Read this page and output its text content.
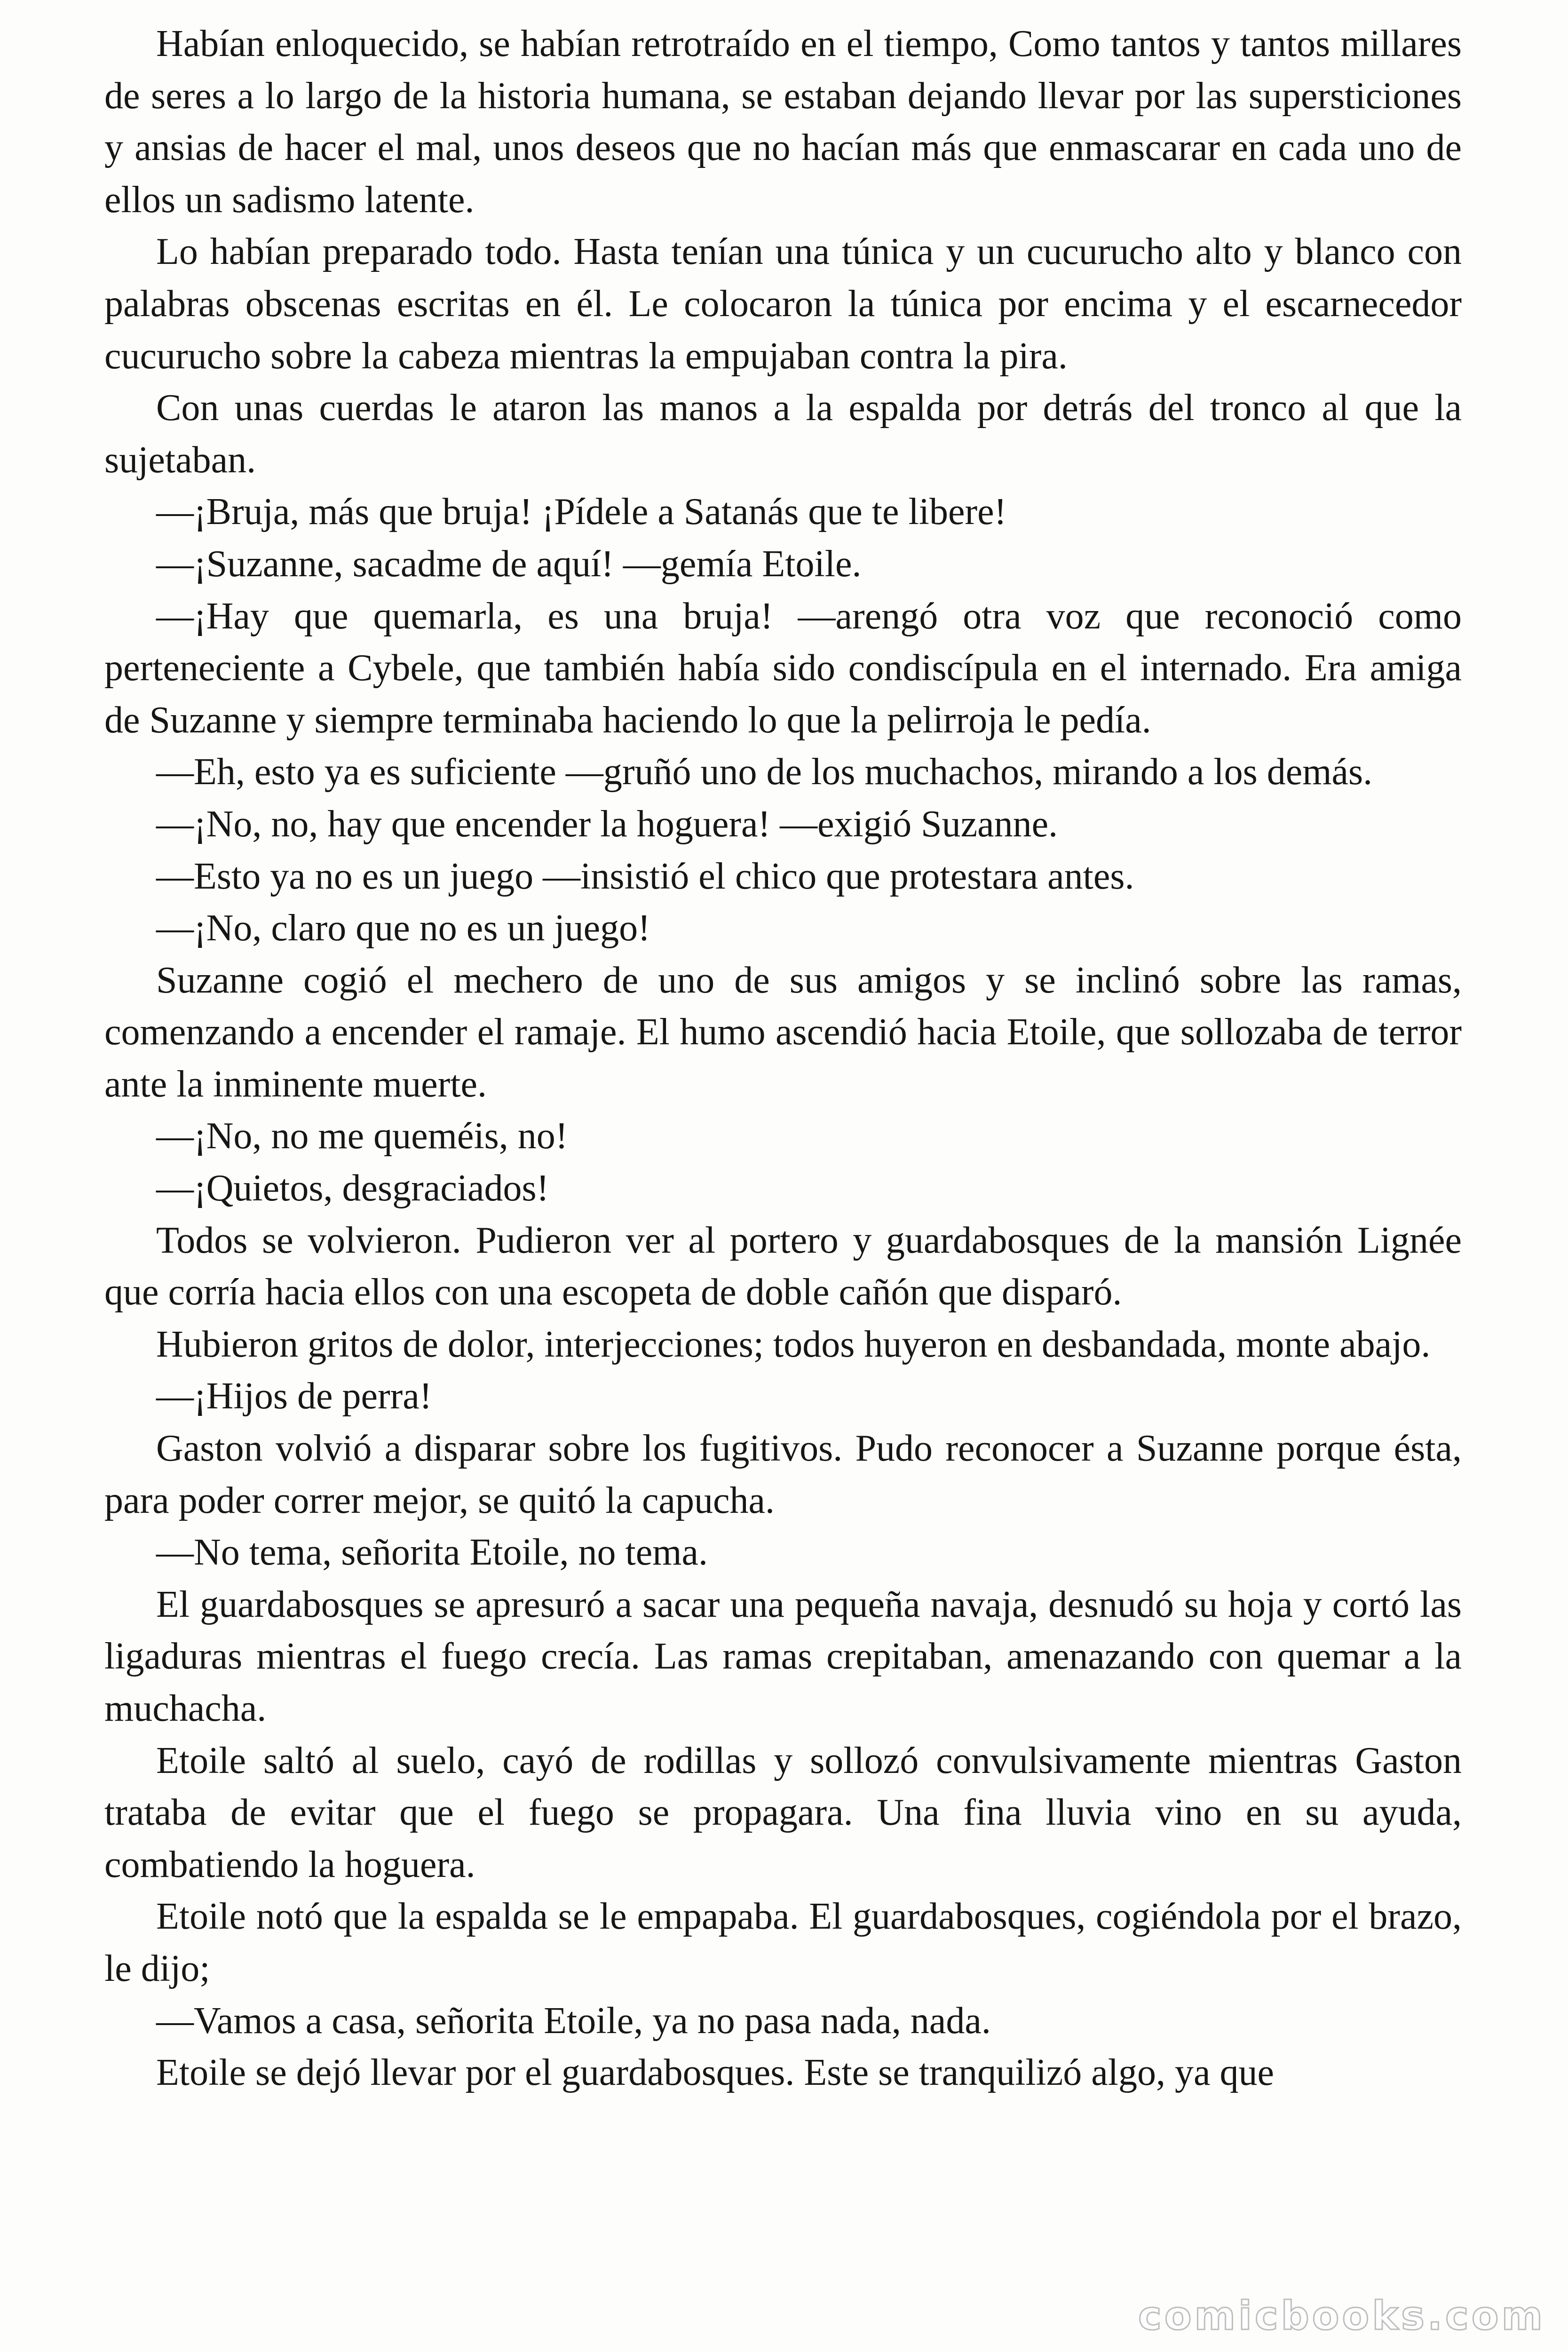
Habían enloquecido, se habían retrotraído en el tiempo, Como tantos y tantos millares de seres a lo largo de la historia humana, se estaban dejando llevar por las supersticiones y ansias de hacer el mal, unos deseos que no hacían más que enmascarar en cada uno de ellos un sadismo latente.

Lo habían preparado todo. Hasta tenían una túnica y un cucurucho alto y blanco con palabras obscenas escritas en él. Le colocaron la túnica por encima y el escarnecedor cucurucho sobre la cabeza mientras la empujaban contra la pira.

Con unas cuerdas le ataron las manos a la espalda por detrás del tronco al que la sujetaban.

—¡Bruja, más que bruja! ¡Pídele a Satanás que te libere!

—¡Suzanne, sacadme de aquí! —gemía Etoile.

—¡Hay que quemarla, es una bruja! —arengó otra voz que reconoció como perteneciente a Cybele, que también había sido condiscípula en el internado. Era amiga de Suzanne y siempre terminaba haciendo lo que la pelirroja le pedía.

—Eh, esto ya es suficiente —gruñó uno de los muchachos, mirando a los demás.

—¡No, no, hay que encender la hoguera! —exigió Suzanne.

—Esto ya no es un juego —insistió el chico que protestara antes.

—¡No, claro que no es un juego!

Suzanne cogió el mechero de uno de sus amigos y se inclinó sobre las ramas, comenzando a encender el ramaje. El humo ascendió hacia Etoile, que sollozaba de terror ante la inminente muerte.

—¡No, no me queméis, no!

—¡Quietos, desgraciados!

Todos se volvieron. Pudieron ver al portero y guardabosques de la mansión Lignée que corría hacia ellos con una escopeta de doble cañón que disparó.

Hubieron gritos de dolor, interjecciones; todos huyeron en desbandada, monte abajo.

—¡Hijos de perra!

Gaston volvió a disparar sobre los fugitivos. Pudo reconocer a Suzanne porque ésta, para poder correr mejor, se quitó la capucha.

—No tema, señorita Etoile, no tema.

El guardabosques se apresuró a sacar una pequeña navaja, desnudó su hoja y cortó las ligaduras mientras el fuego crecía. Las ramas crepitaban, amenazando con quemar a la muchacha.

Etoile saltó al suelo, cayó de rodillas y sollozó convulsivamente mientras Gaston trataba de evitar que el fuego se propagara. Una fina lluvia vino en su ayuda, combatiendo la hoguera.

Etoile notó que la espalda se le empapaba. El guardabosques, cogiéndola por el brazo, le dijo;

—Vamos a casa, señorita Etoile, ya no pasa nada, nada.

Etoile se dejó llevar por el guardabosques. Este se tranquilizó algo, ya que

comicbooks.com
